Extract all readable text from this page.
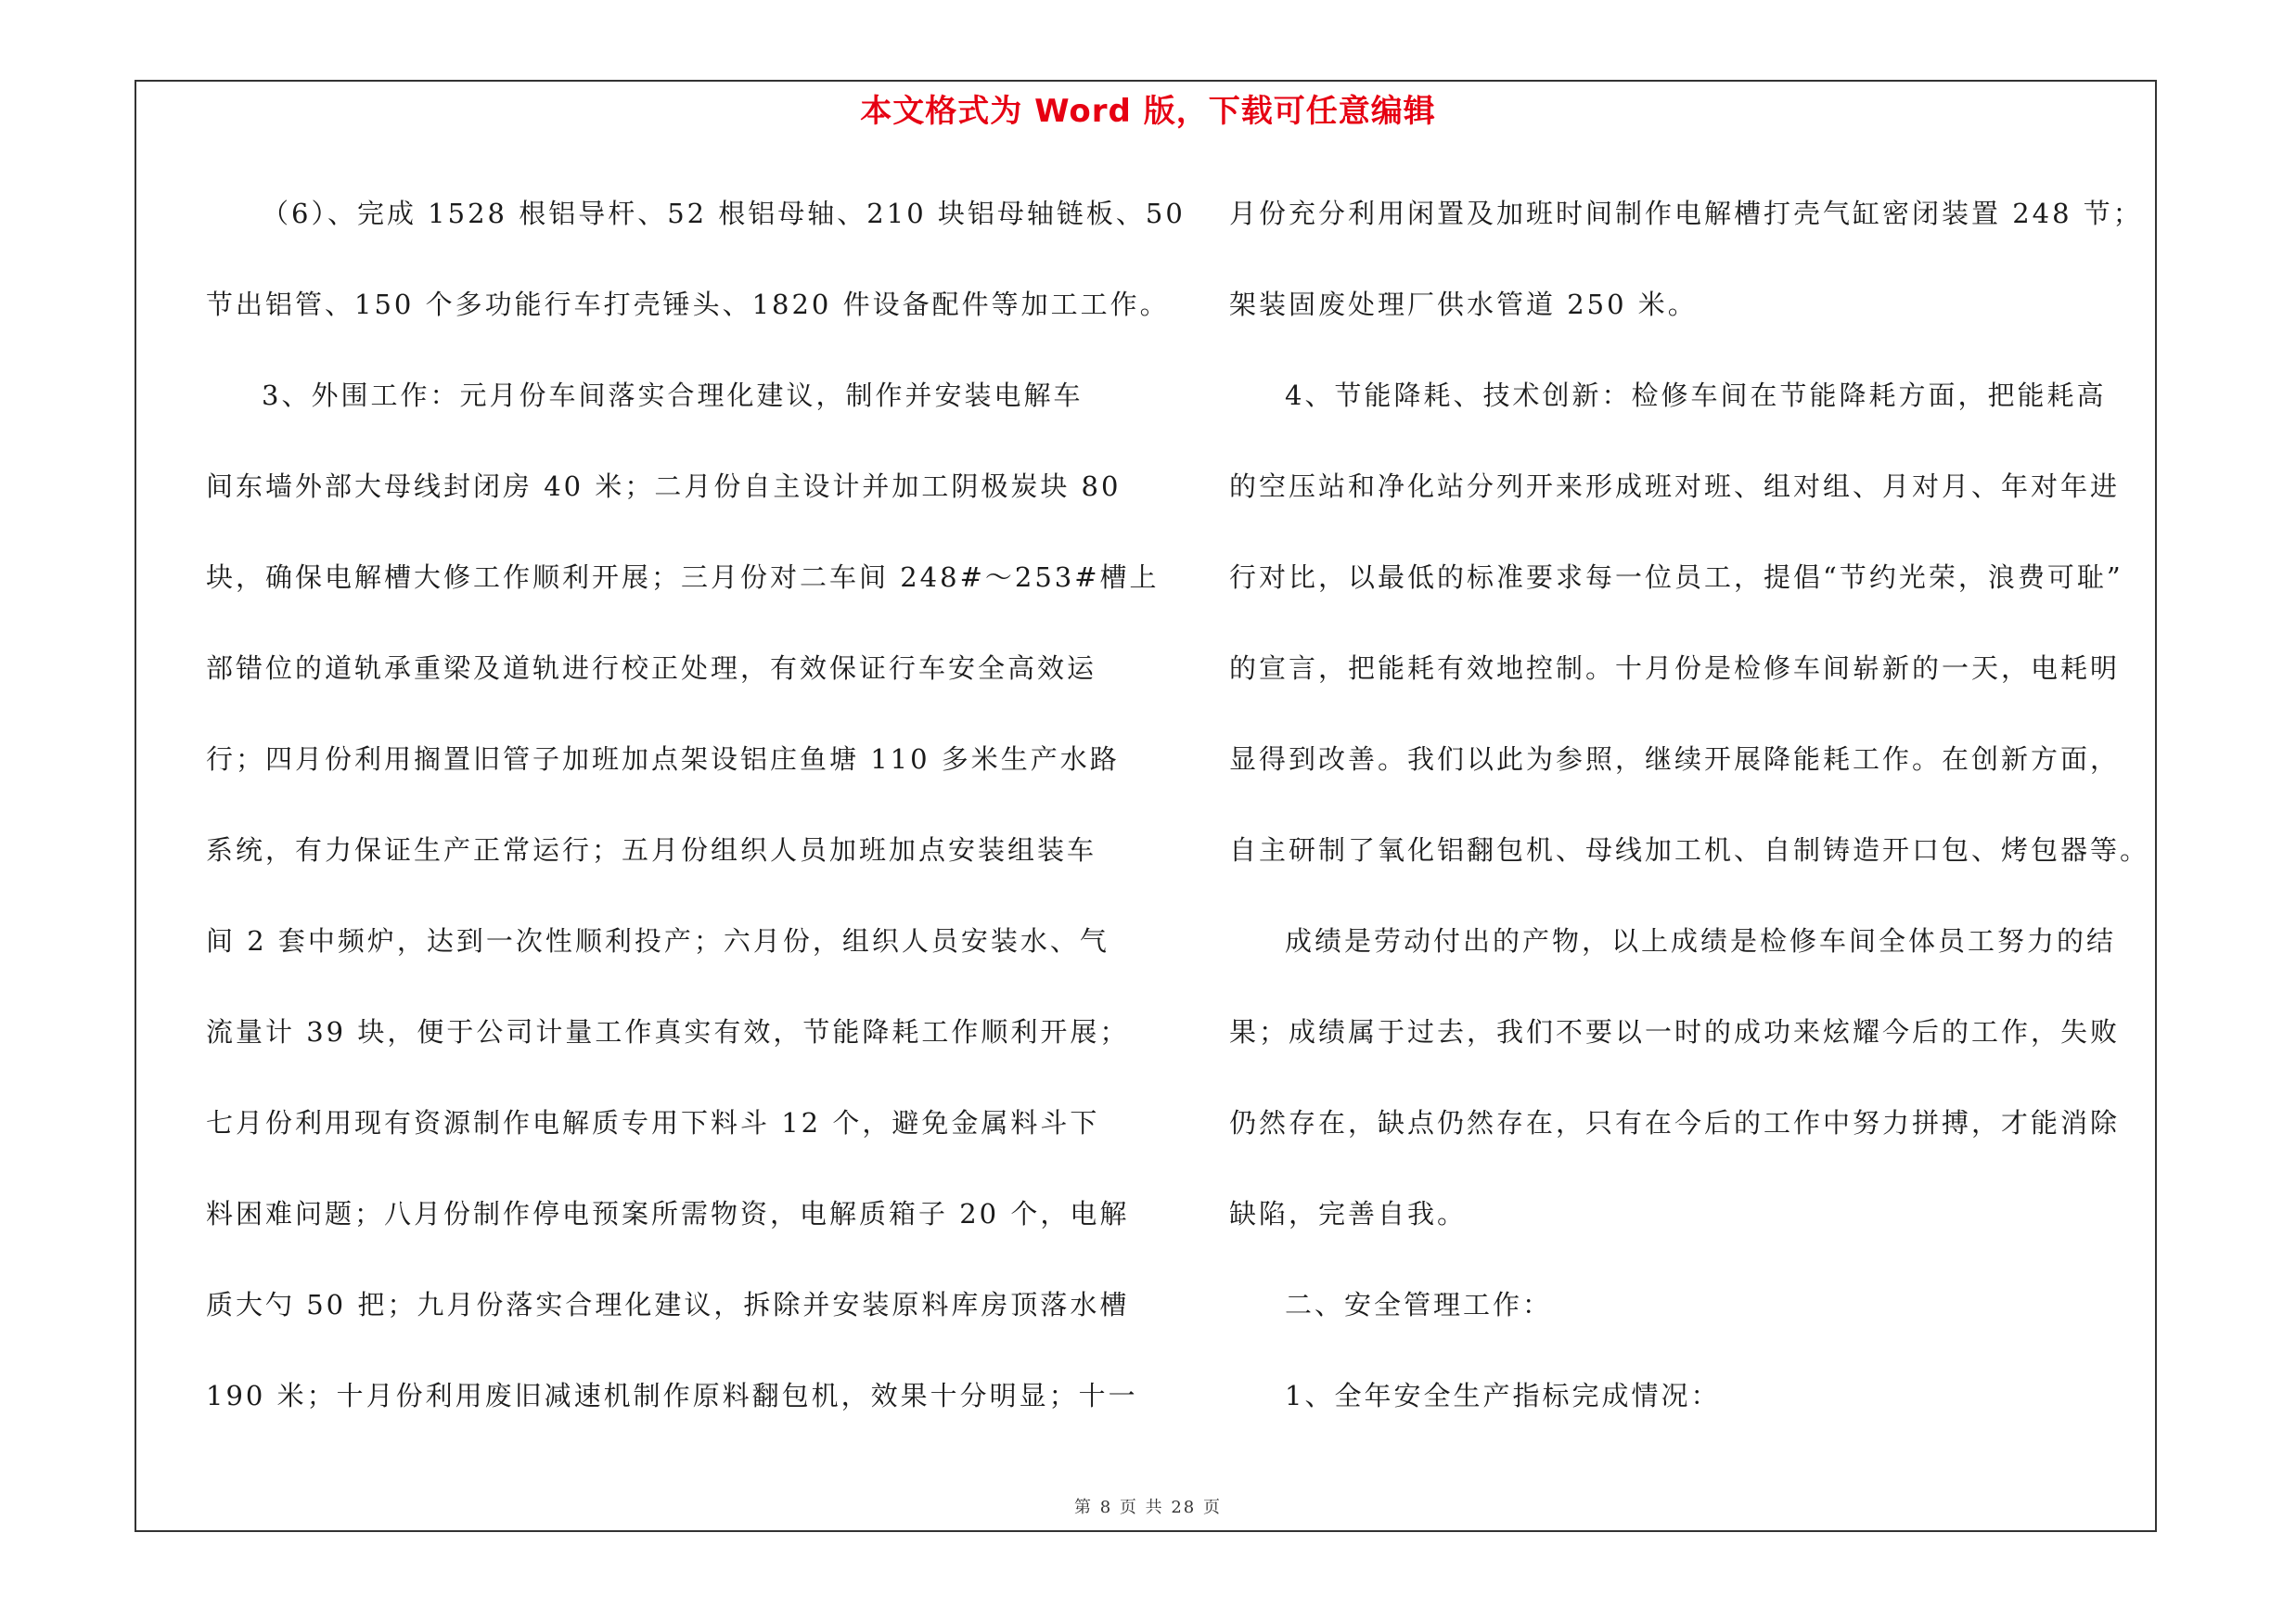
本文格式为 Word 版，下载可任意编辑
（6）、完成 1528 根铝导杆、52 根铝母轴、210 块铝母轴链板、50
节出铝管、150 个多功能行车打壳锤头、1820 件设备配件等加工工作。
3、外围工作：元月份车间落实合理化建议，制作并安装电解车
间东墙外部大母线封闭房 40 米；二月份自主设计并加工阴极炭块 80
块，确保电解槽大修工作顺利开展；三月份对二车间 248#～253#槽上
部错位的道轨承重梁及道轨进行校正处理，有效保证行车安全高效运
行；四月份利用搁置旧管子加班加点架设铝庄鱼塘 110 多米生产水路
系统，有力保证生产正常运行；五月份组织人员加班加点安装组装车
间 2 套中频炉，达到一次性顺利投产；六月份，组织人员安装水、气
流量计 39 块，便于公司计量工作真实有效，节能降耗工作顺利开展；
七月份利用现有资源制作电解质专用下料斗 12 个，避免金属料斗下
料困难问题；八月份制作停电预案所需物资，电解质箱子 20 个，电解
质大勺 50 把；九月份落实合理化建议，拆除并安装原料库房顶落水槽
190 米；十月份利用废旧减速机制作原料翻包机，效果十分明显；十一
月份充分利用闲置及加班时间制作电解槽打壳气缸密闭装置 248 节；
架装固废处理厂供水管道 250 米。
4、节能降耗、技术创新：检修车间在节能降耗方面，把能耗高
的空压站和净化站分列开来形成班对班、组对组、月对月、年对年进
行对比，以最低的标准要求每一位员工，提倡“节约光荣，浪费可耻”
的宣言，把能耗有效地控制。十月份是检修车间崭新的一天，电耗明
显得到改善。我们以此为参照，继续开展降能耗工作。在创新方面，
自主研制了氧化铝翻包机、母线加工机、自制铸造开口包、烤包器等。
成绩是劳动付出的产物，以上成绩是检修车间全体员工努力的结
果；成绩属于过去，我们不要以一时的成功来炫耀今后的工作，失败
仍然存在，缺点仍然存在，只有在今后的工作中努力拼搏，才能消除
缺陷，完善自我。
二、安全管理工作：
1、全年安全生产指标完成情况：
第 8 页 共 28 页
